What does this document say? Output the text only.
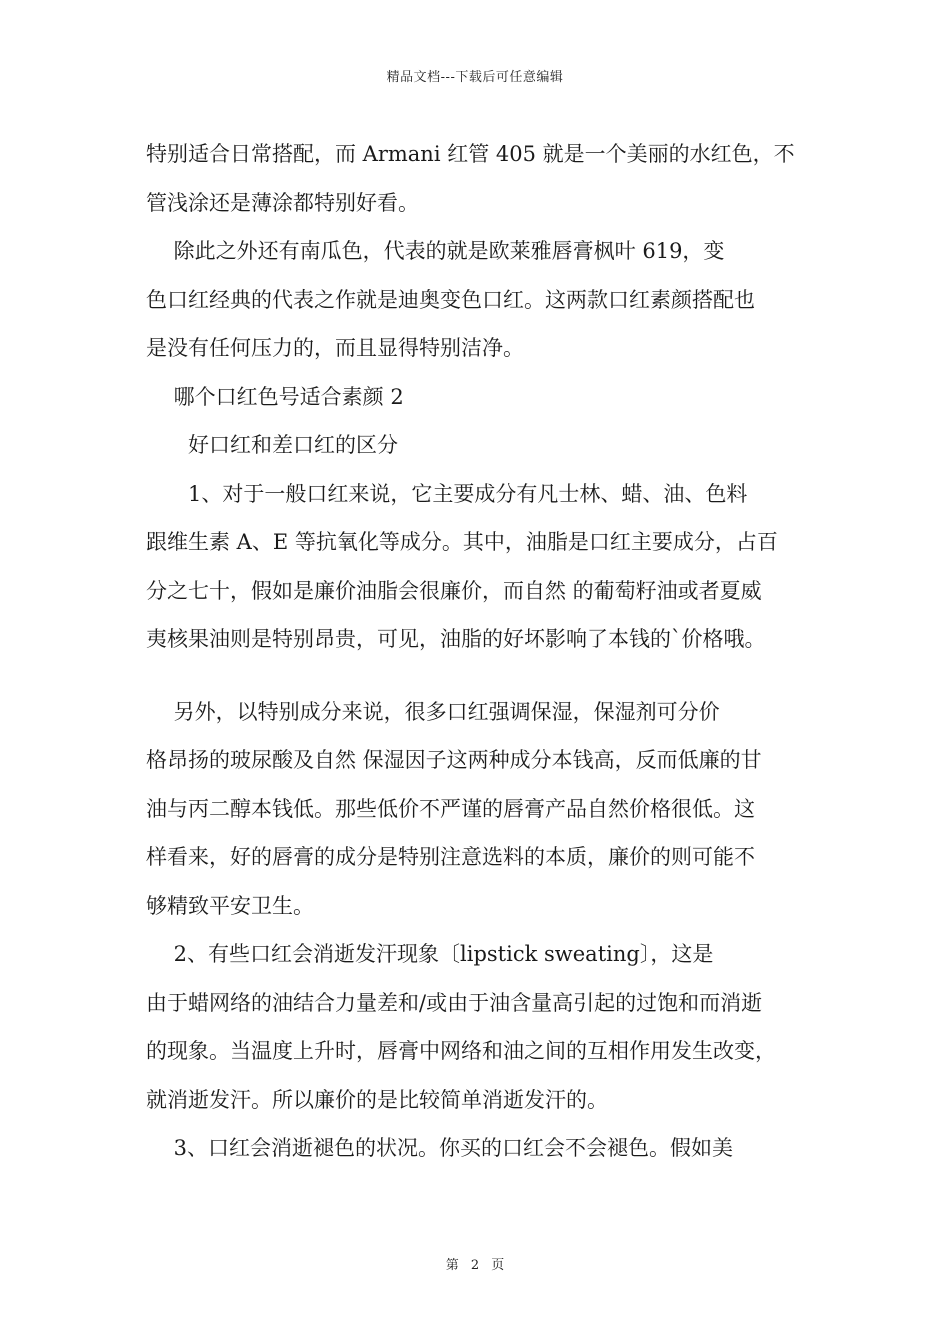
精品文档---下载后可任意编辑
特别适合日常搭配，而 Armani 红管 405 就是一个美丽的水红色，不
管浅涂还是薄涂都特别好看。
　 除此之外还有南瓜色，代表的就是欧莱雅唇膏枫叶 619，变
色口红经典的代表之作就是迪奥变色口红。这两款口红素颜搭配也
是没有任何压力的，而且显得特别洁净。
　 哪个口红色号适合素颜 2
　　好口红和差口红的区分
　　1、对于一般口红来说，它主要成分有凡士林、蜡、油、色料
跟维生素 A、E 等抗氧化等成分。其中，油脂是口红主要成分，占百
分之七十，假如是廉价油脂会很廉价，而自然 的葡萄籽油或者夏威
夷核果油则是特别昂贵，可见，油脂的好坏影响了本钱的`价格哦。
　 另外，以特别成分来说，很多口红强调保湿，保湿剂可分价
格昂扬的玻尿酸及自然 保湿因子这两种成分本钱高，反而低廉的甘
油与丙二醇本钱低。那些低价不严谨的唇膏产品自然价格很低。这
样看来，好的唇膏的成分是特别注意选料的本质，廉价的则可能不
够精致平安卫生。
　 2、有些口红会消逝发汗现象〔lipstick sweating〕，这是
由于蜡网络的油结合力量差和/或由于油含量高引起的过饱和而消逝
的现象。当温度上升时，唇膏中网络和油之间的互相作用发生改变，
就消逝发汗。所以廉价的是比较简单消逝发汗的。
　 3、口红会消逝褪色的状况。你买的口红会不会褪色。假如美
第 2 页
